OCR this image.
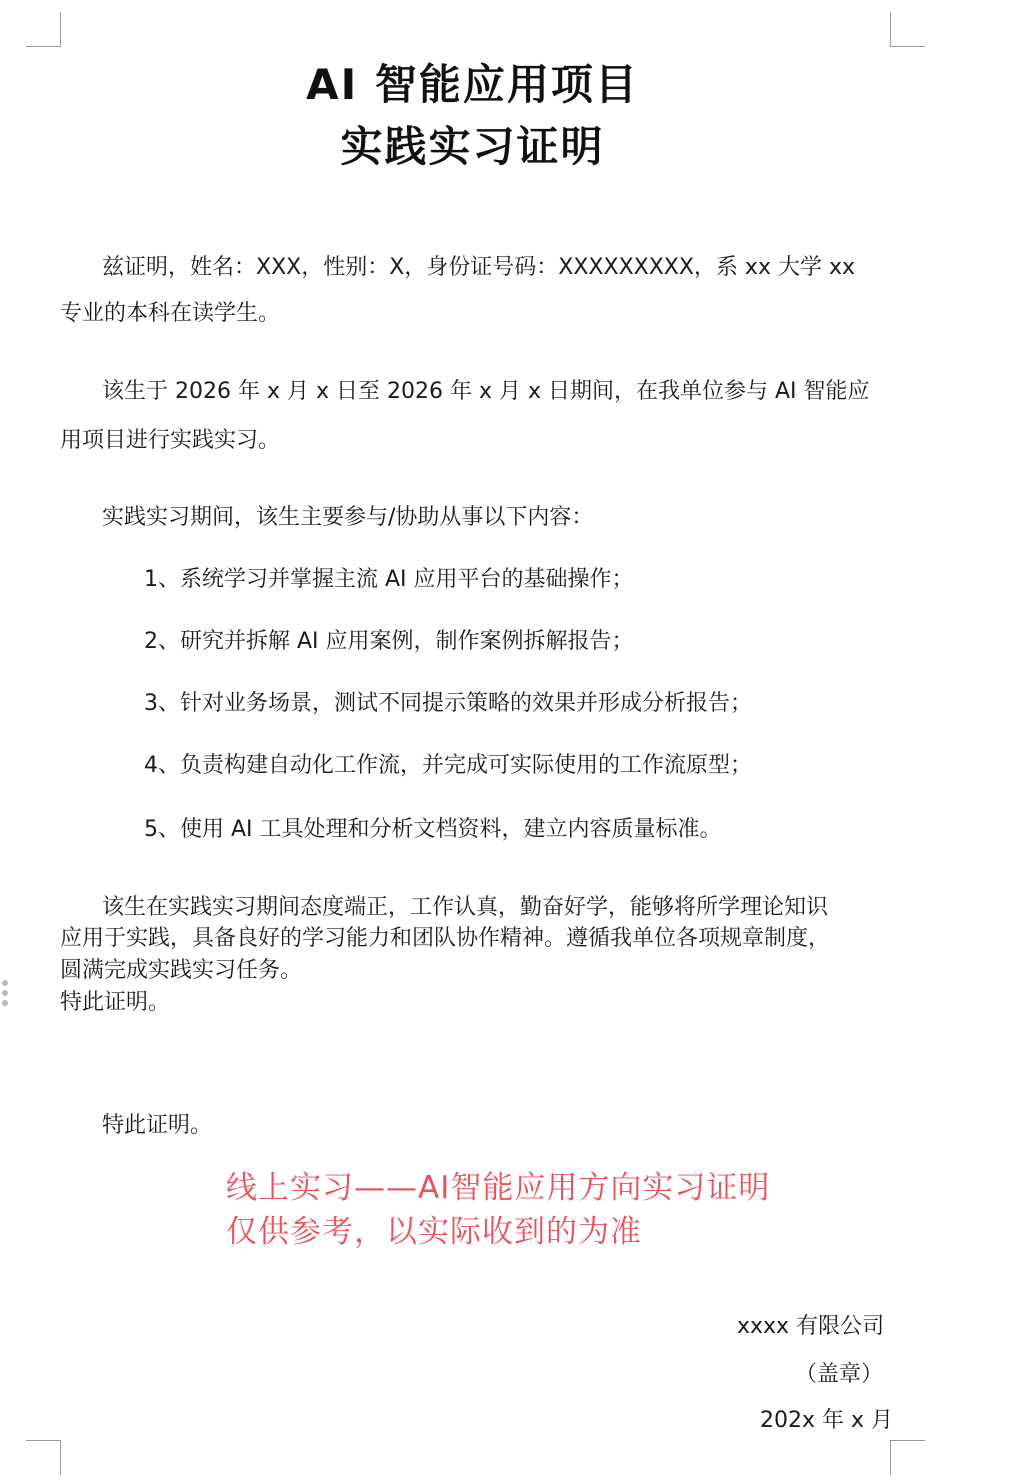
AI 智能应用项目
实践实习证明
兹证明，姓名：XXX，性别：X，身份证号码：XXXXXXXXX，系 xx 大学 xx
专业的本科在读学生。
该生于 2026 年 x 月 x 日至 2026 年 x 月 x 日期间，在我单位参与 AI 智能应
用项目进行实践实习。
实践实习期间，该生主要参与/协助从事以下内容：
1、系统学习并掌握主流 AI 应用平台的基础操作；
2、研究并拆解 AI 应用案例，制作案例拆解报告；
3、针对业务场景，测试不同提示策略的效果并形成分析报告；
4、负责构建自动化工作流，并完成可实际使用的工作流原型；
5、使用 AI 工具处理和分析文档资料，建立内容质量标准。
该生在实践实习期间态度端正，工作认真，勤奋好学，能够将所学理论知识
应用于实践，具备良好的学习能力和团队协作精神。遵循我单位各项规章制度，
圆满完成实践实习任务。
特此证明。
特此证明。
线上实习——AI智能应用方向实习证明
仅供参考，以实际收到的为准
xxxx 有限公司
（盖章）
202x 年 x 月
